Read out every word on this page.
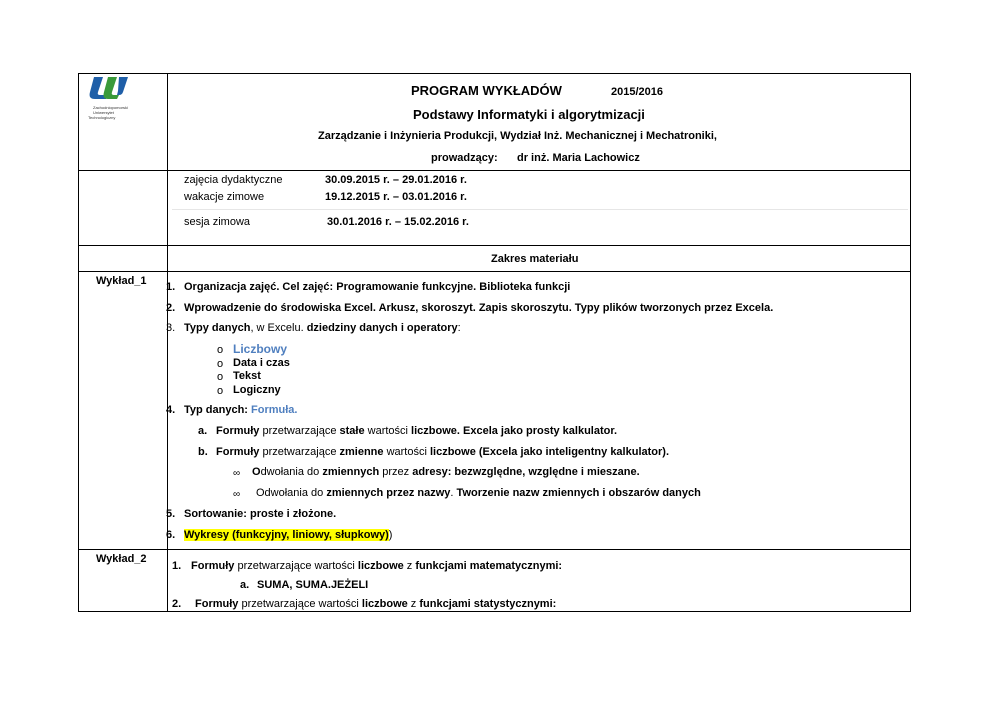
Zachodniopomorski
Uniwersytet
Technologiczny
PROGRAM WYKŁADÓW	2015/2016
Podstawy Informatyki i algorytmizacji
Zarządzanie i Inżynieria Produkcji, Wydział Inż. Mechanicznej i Mechatroniki,
prowadzący: dr inż. Maria Lachowicz
zajęcia dydaktyczne	30.09.2015 r. – 29.01.2016 r.
wakacje zimowe	19.12.2015 r. – 03.01.2016 r.
sesja zimowa	30.01.2016 r. – 15.02.2016 r.
Zakres materiału
Wykład_1 1. Organizacja zajęć. Cel zajęć: Programowanie funkcyjne. Biblioteka funkcji
2. Wprowadzenie do środowiska Excel. Arkusz, skoroszyt. Zapis skoroszytu. Typy plików tworzonych przez Excela.
3. Typy danych, w Excelu. dziedziny danych i operatory:
o Liczbowy
o Data i czas
o Tekst
o Logiczny
4. Typ danych: Formuła.
a. Formuły przetwarzające stałe wartości liczbowe. Excela jako prosty kalkulator.
b. Formuły przetwarzające zmienne wartości liczbowe (Excela jako inteligentny kalkulator).
∞ Odwołania do zmiennych przez adresy: bezwzględne, względne i mieszane.
∞ Odwołania do zmiennych przez nazwy. Tworzenie nazw zmiennych i obszarów danych
5. Sortowanie: proste i złożone.
6. Wykresy (funkcyjny, liniowy, słupkowy))
Wykład_2
1. Formuły przetwarzające wartości liczbowe z funkcjami matematycznymi:
a. SUMA, SUMA.JEŻELI
2. Formuły przetwarzające wartości liczbowe z funkcjami statystycznymi:
